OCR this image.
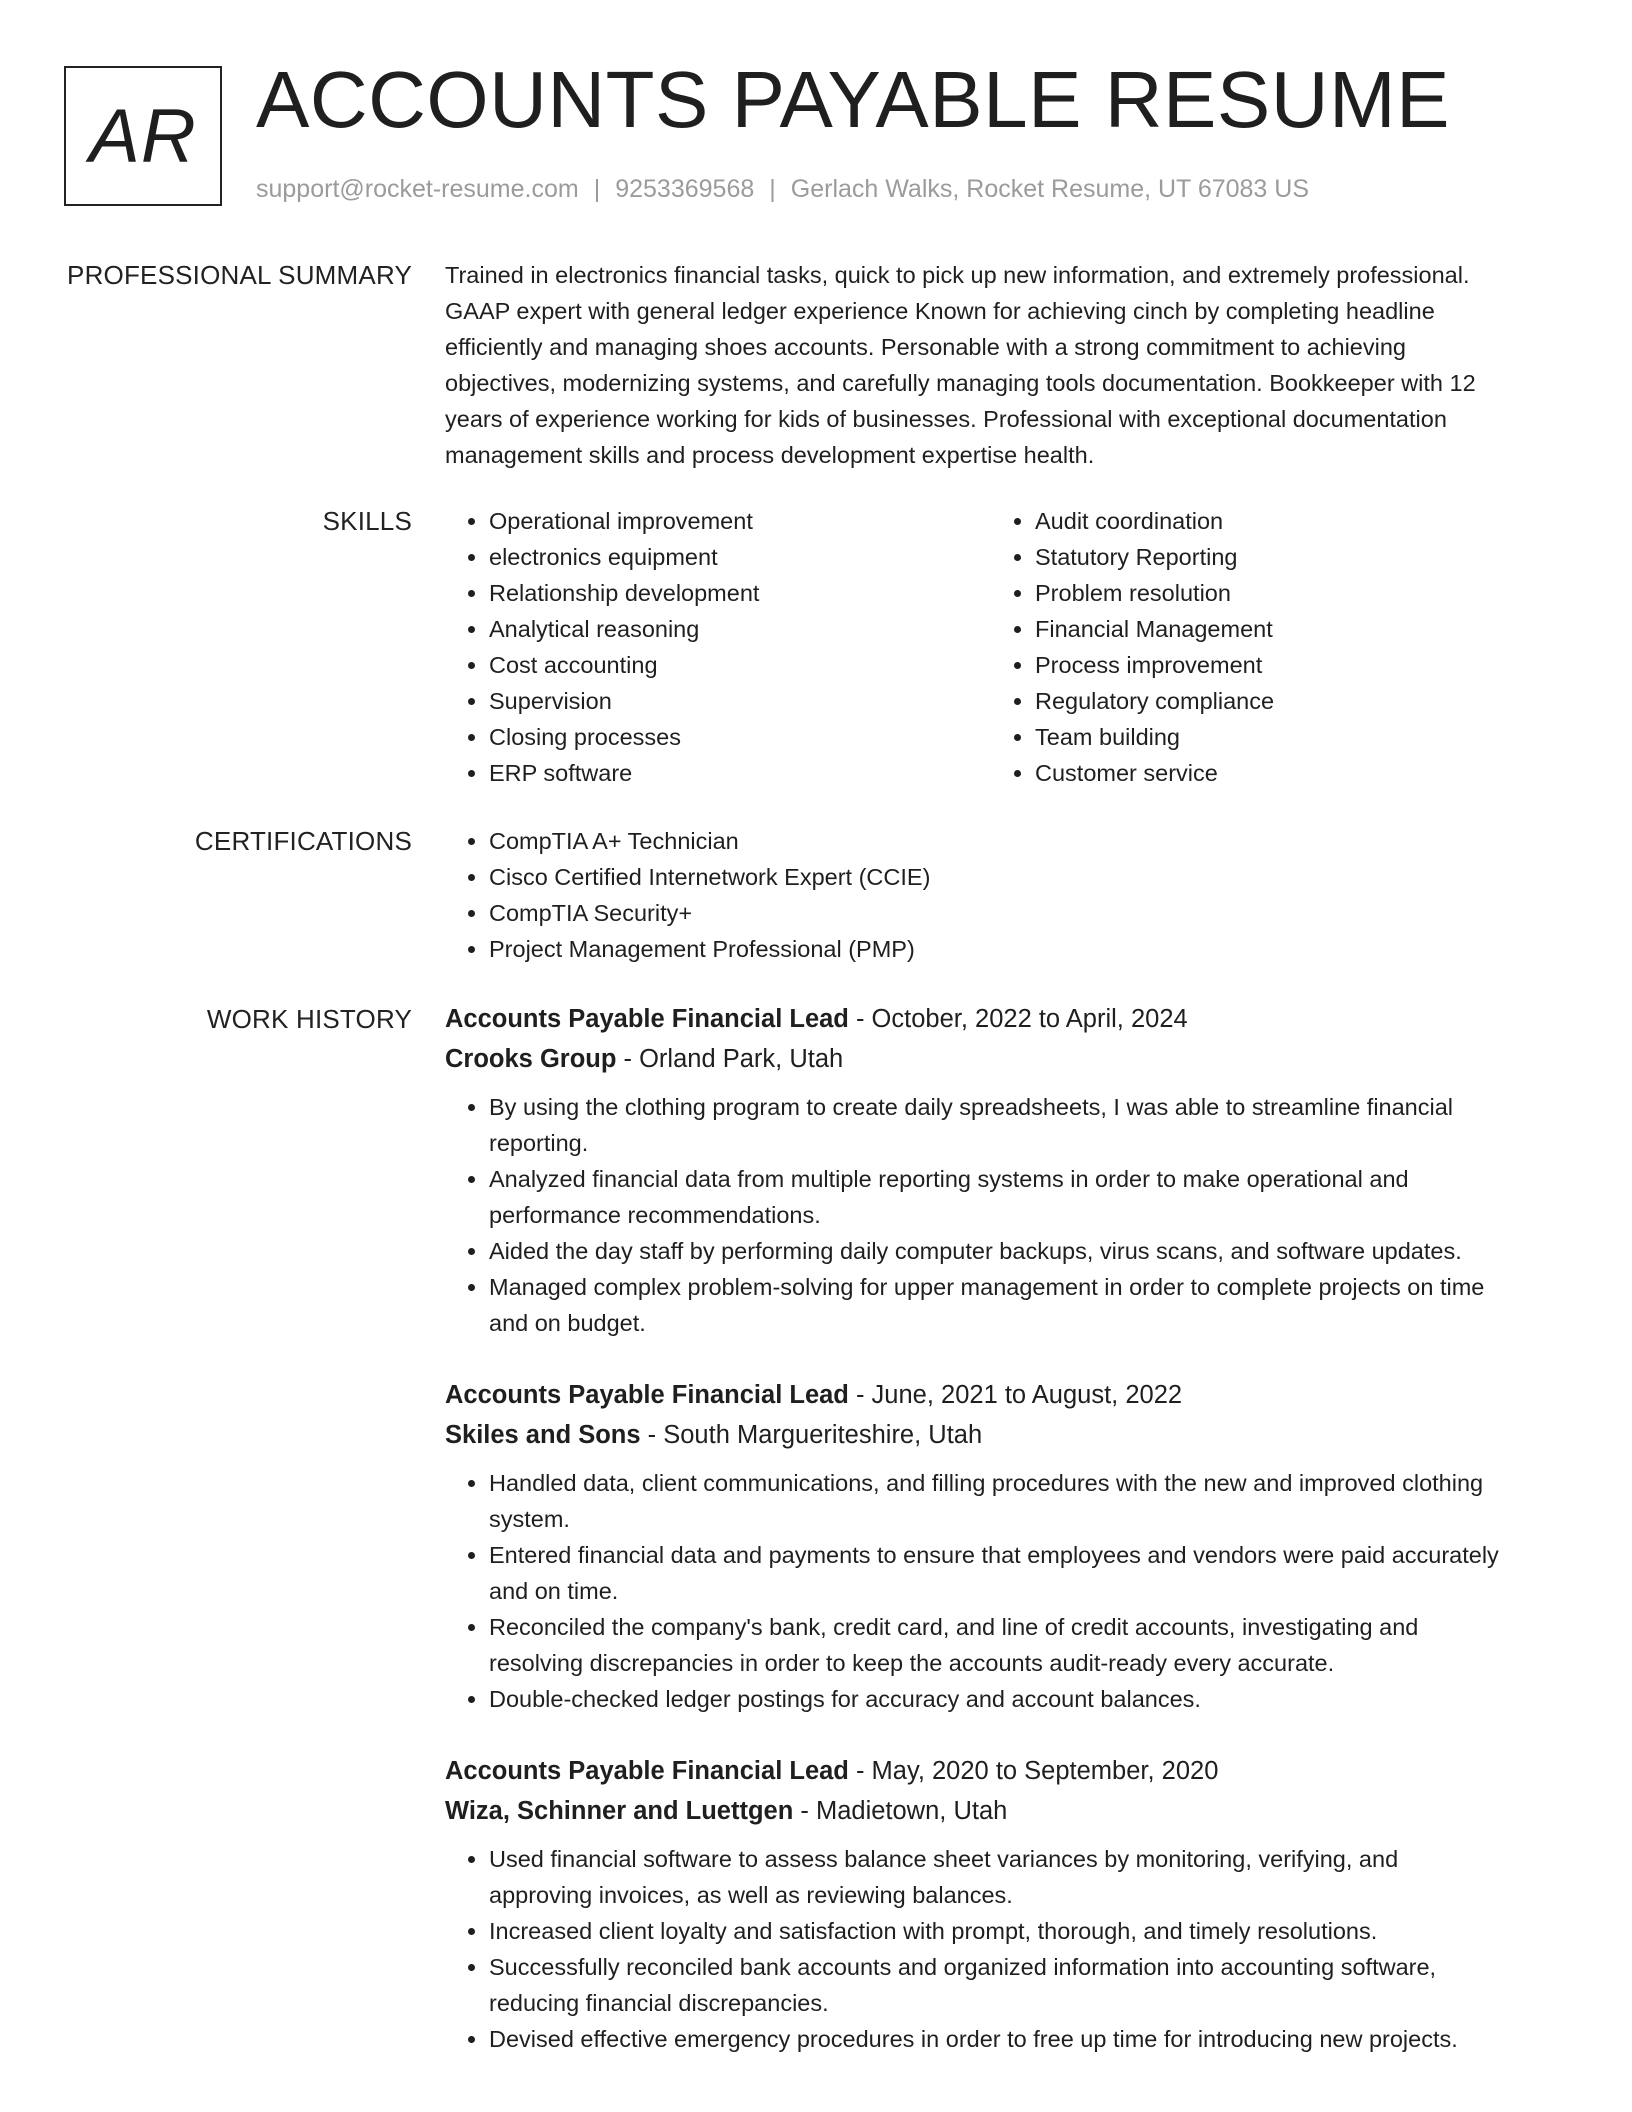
AR ACCOUNTS PAYABLE RESUME
support@rocket-resume.com | 9253369568 | Gerlach Walks, Rocket Resume, UT 67083 US
PROFESSIONAL SUMMARY Trained in electronics financial tasks, quick to pick up new information, and extremely professional.
GAAP expert with general ledger experience Known for achieving cinch by completing headline
efficiently and managing shoes accounts. Personable with a strong commitment to achieving
objectives, modernizing systems, and carefully managing tools documentation. Bookkeeper with 12
years of experience working for kids of businesses. Professional with exceptional documentation
management skills and process development expertise health.
SKILLS	• Operational improvement
• electronics equipment
• Relationship development
• Analytical reasoning
• Cost accounting
• Supervision
• Closing processes
• ERP software
• Audit coordination
• Statutory Reporting
• Problem resolution
• Financial Management
• Process improvement
• Regulatory compliance
• Team building
• Customer service
CERTIFICATIONS	• CompTIA A+ Technician
• Cisco Certified Internetwork Expert (CCIE)
• CompTIA Security+
• Project Management Professional (PMP)
WORK HISTORY Accounts Payable Financial Lead - October, 2022 to April, 2024
Crooks Group - Orland Park, Utah
• By using the clothing program to create daily spreadsheets, I was able to streamline financial
reporting.
• Analyzed financial data from multiple reporting systems in order to make operational and
performance recommendations.
• Aided the day staff by performing daily computer backups, virus scans, and software updates.
• Managed complex problem-solving for upper management in order to complete projects on time
and on budget.
Accounts Payable Financial Lead - June, 2021 to August, 2022
Skiles and Sons - South Margueriteshire, Utah
• Handled data, client communications, and filling procedures with the new and improved clothing
system.
• Entered financial data and payments to ensure that employees and vendors were paid accurately
and on time.
• Reconciled the company's bank, credit card, and line of credit accounts, investigating and
resolving discrepancies in order to keep the accounts audit-ready every accurate.
• Double-checked ledger postings for accuracy and account balances.
Accounts Payable Financial Lead - May, 2020 to September, 2020
Wiza, Schinner and Luettgen - Madietown, Utah
• Used financial software to assess balance sheet variances by monitoring, verifying, and
approving invoices, as well as reviewing balances.
• Increased client loyalty and satisfaction with prompt, thorough, and timely resolutions.
• Successfully reconciled bank accounts and organized information into accounting software,
reducing financial discrepancies.
• Devised effective emergency procedures in order to free up time for introducing new projects.
